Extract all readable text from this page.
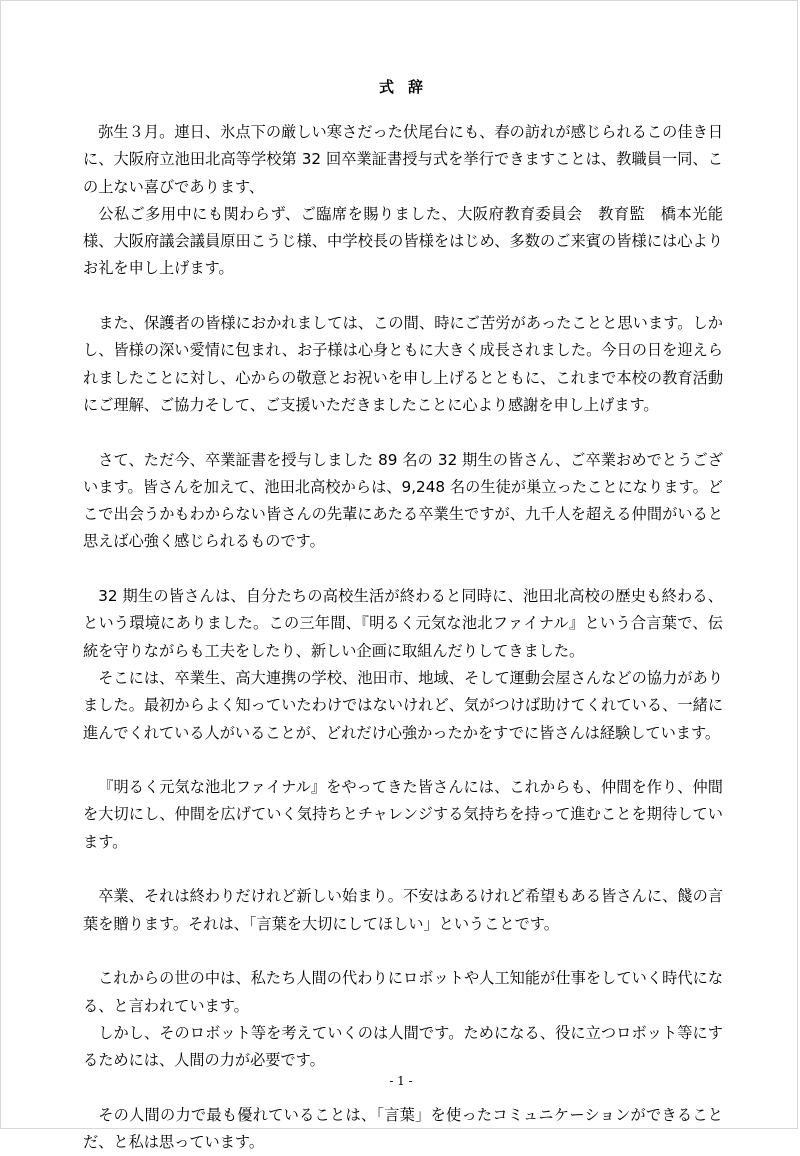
式辞

弥生３月。連日、氷点下の厳しい寒さだった伏尾台にも、春の訪れが感じられるこの佳き日に、大阪府立池田北高等学校第 32 回卒業証書授与式を挙行できますことは、教職員一同、この上ない喜びであります、

公私ご多用中にも関わらず、ご臨席を賜りました、大阪府教育委員会　教育監　橋本光能様、大阪府議会議員原田こうじ様、中学校長の皆様をはじめ、多数のご来賓の皆様には心よりお礼を申し上げます。

また、保護者の皆様におかれましては、この間、時にご苦労があったことと思います。しかし、皆様の深い愛情に包まれ、お子様は心身ともに大きく成長されました。今日の日を迎えられましたことに対し、心からの敬意とお祝いを申し上げるとともに、これまで本校の教育活動にご理解、ご協力そして、ご支援いただきましたことに心より感謝を申し上げます。

さて、ただ今、卒業証書を授与しました 89 名の 32 期生の皆さん、ご卒業おめでとうございます。皆さんを加えて、池田北高校からは、9,248 名の生徒が巣立ったことになります。どこで出会うかもわからない皆さんの先輩にあたる卒業生ですが、九千人を超える仲間がいると思えば心強く感じられるものです。

32 期生の皆さんは、自分たちの高校生活が終わると同時に、池田北高校の歴史も終わる、という環境にありました。この三年間、『明るく元気な池北ファイナル』という合言葉で、伝統を守りながらも工夫をしたり、新しい企画に取組んだりしてきました。

そこには、卒業生、高大連携の学校、池田市、地域、そして運動会屋さんなどの協力がありました。最初からよく知っていたわけではないけれど、気がつけば助けてくれている、一緒に進んでくれている人がいることが、どれだけ心強かったかをすでに皆さんは経験しています。

『明るく元気な池北ファイナル』をやってきた皆さんには、これからも、仲間を作り、仲間を大切にし、仲間を広げていく気持ちとチャレンジする気持ちを持って進むことを期待しています。

卒業、それは終わりだけれど新しい始まり。不安はあるけれど希望もある皆さんに、餞の言葉を贈ります。それは、「言葉を大切にしてほしい」ということです。

これからの世の中は、私たち人間の代わりにロボットや人工知能が仕事をしていく時代になる、と言われています。

しかし、そのロボット等を考えていくのは人間です。ためになる、役に立つロボット等にするためには、人間の力が必要です。

その人間の力で最も優れていることは、「言葉」を使ったコミュニケーションができることだ、と私は思っています。

- 1 -
